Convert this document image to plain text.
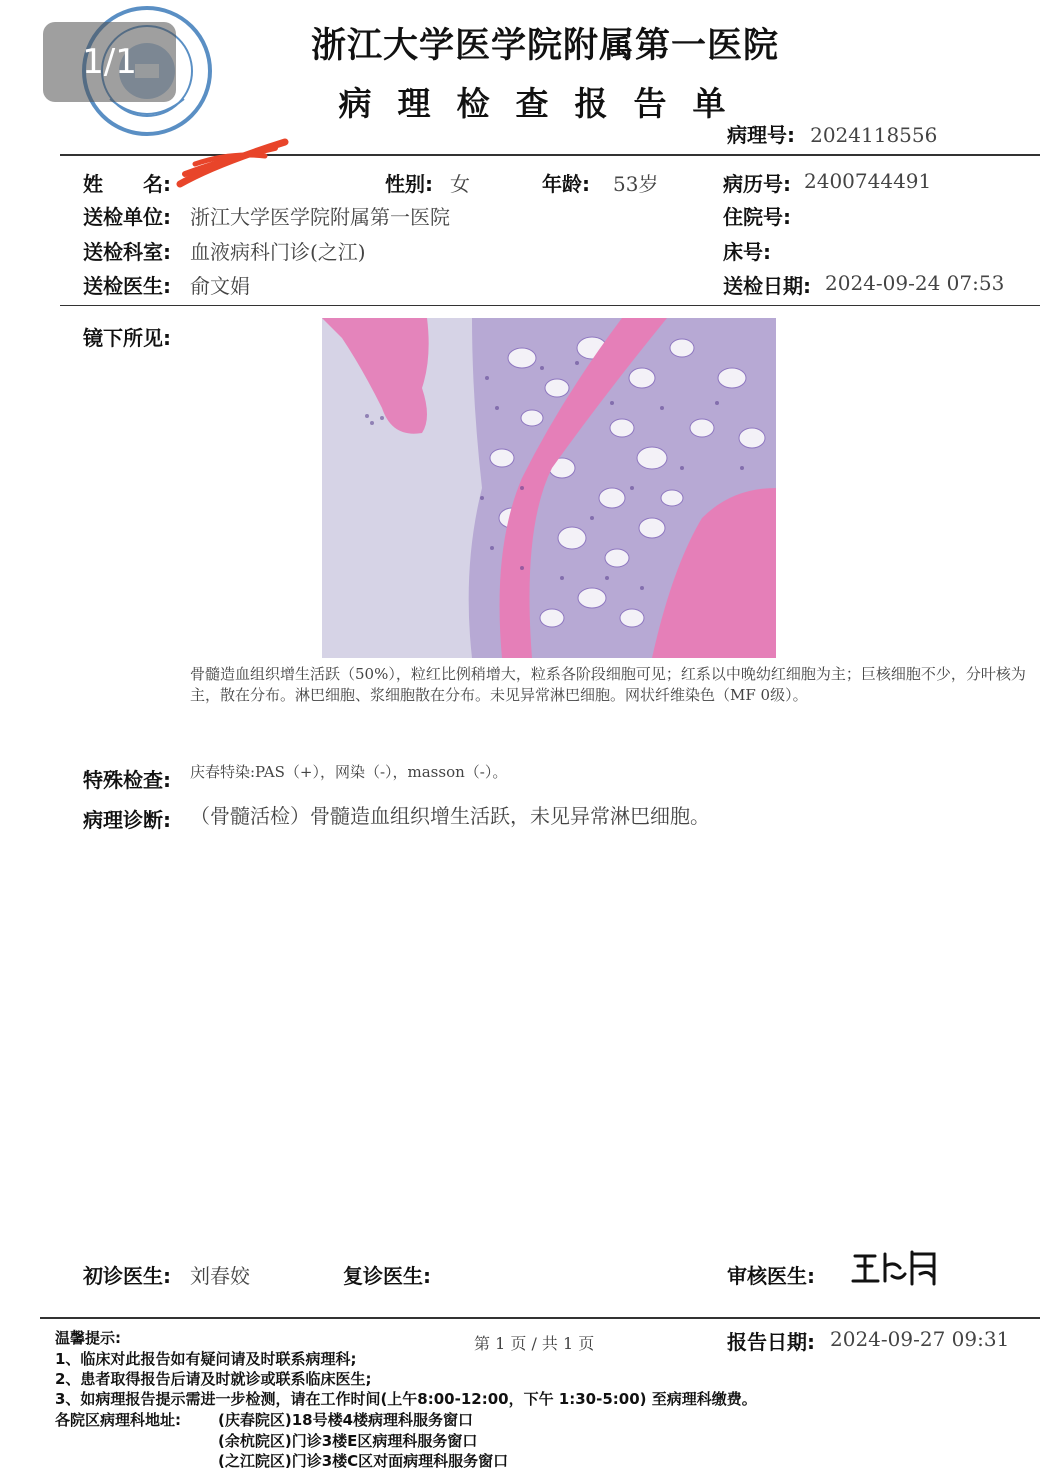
1/1	浙江大学医学院附属第一医院
病理检查报告单
病理号: 2024118556
姓　　名:	性别: 女	年龄: 53岁	病历号: 2400744491
送检单位: 浙江大学医学院附属第一医院	住院号:
送检科室: 血液病科门诊(之江)	床号:
送检医生: 俞文娟	送检日期: 2024-09-24 07:53
镜下所见:
骨髓造血组织增生活跃（50%），粒红比例稍增大，粒系各阶段细胞可见；红系以中晚幼红细胞为主；巨核细胞不少，分叶核为主，散在分布。淋巴细胞、浆细胞散在分布。未见异常淋巴细胞。网状纤维染色（MF 0级）。
特殊检查: 庆春特染:PAS（+），网染（-），masson（-）。
病理诊断: （骨髓活检）骨髓造血组织增生活跃，未见异常淋巴细胞。
初诊医生: 刘春姣	复诊医生:	审核医生:
温馨提示:	第 1 页 / 共 1 页	报告日期: 2024-09-27 09:31
1、临床对此报告如有疑问请及时联系病理科;
2、患者取得报告后请及时就诊或联系临床医生;
3、如病理报告提示需进一步检测，请在工作时间(上午8:00-12:00，下午 1:30-5:00) 至病理科缴费。
各院区病理科地址: (庆春院区)18号楼4楼病理科服务窗口
(余杭院区)门诊3楼E区病理科服务窗口
(之江院区)门诊3楼C区对面病理科服务窗口
